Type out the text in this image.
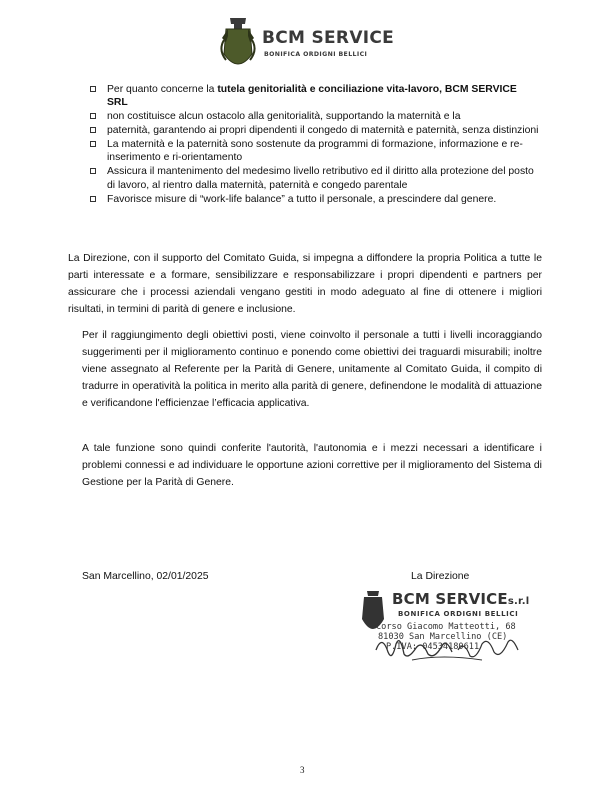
BCM SERVICE
BONIFICA ORDIGNI BELLICI
Per quanto concerne la tutela genitorialità e conciliazione vita-lavoro, BCM SERVICE SRL
non costituisce alcun ostacolo alla genitorialità, supportando la maternità e la
paternità, garantendo ai propri dipendenti il congedo di maternità e paternità, senza distinzioni
La maternità e la paternità sono sostenute da programmi di formazione, informazione e re- inserimento e ri-orientamento
Assicura il mantenimento del medesimo livello retributivo ed il diritto alla protezione del posto di lavoro, al rientro dalla maternità, paternità e congedo parentale
Favorisce misure di “work-life balance” a tutto il personale, a prescindere dal genere.

La Direzione, con il supporto del Comitato Guida, si impegna a diffondere la propria Politica a tutte le parti interessate e a formare, sensibilizzare e responsabilizzare i propri dipendenti e partners per assicurare che i processi aziendali vengano gestiti in modo adeguato al fine di ottenere i migliori risultati, in termini di parità di genere e inclusione.

Per il raggiungimento degli obiettivi posti, viene coinvolto il personale a tutti i livelli incoraggiando suggerimenti per il miglioramento continuo e ponendo come obiettivi dei traguardi misurabili; inoltre viene assegnato al Referente per la Parità di Genere, unitamente al Comitato Guida, il compito di tradurre in operatività la politica in merito alla parità di genere, definendone le modalità di attuazione e verificandone l'efficienzae l’efficacia applicativa.

A tale funzione sono quindi conferite l'autorità, l'autonomia e i mezzi necessari a identificare i problemi connessi e ad individuare le opportune azioni correttive per il miglioramento del Sistema di Gestione per la Parità di Genere.

San Marcellino, 02/01/2025	La Direzione
BCM SERVICEs.r.l
BONIFICA ORDIGNI BELLICI
Corso Giacomo Matteotti, 68
81030 San Marcellino (CE)
P.IVA: 04534180611
3
